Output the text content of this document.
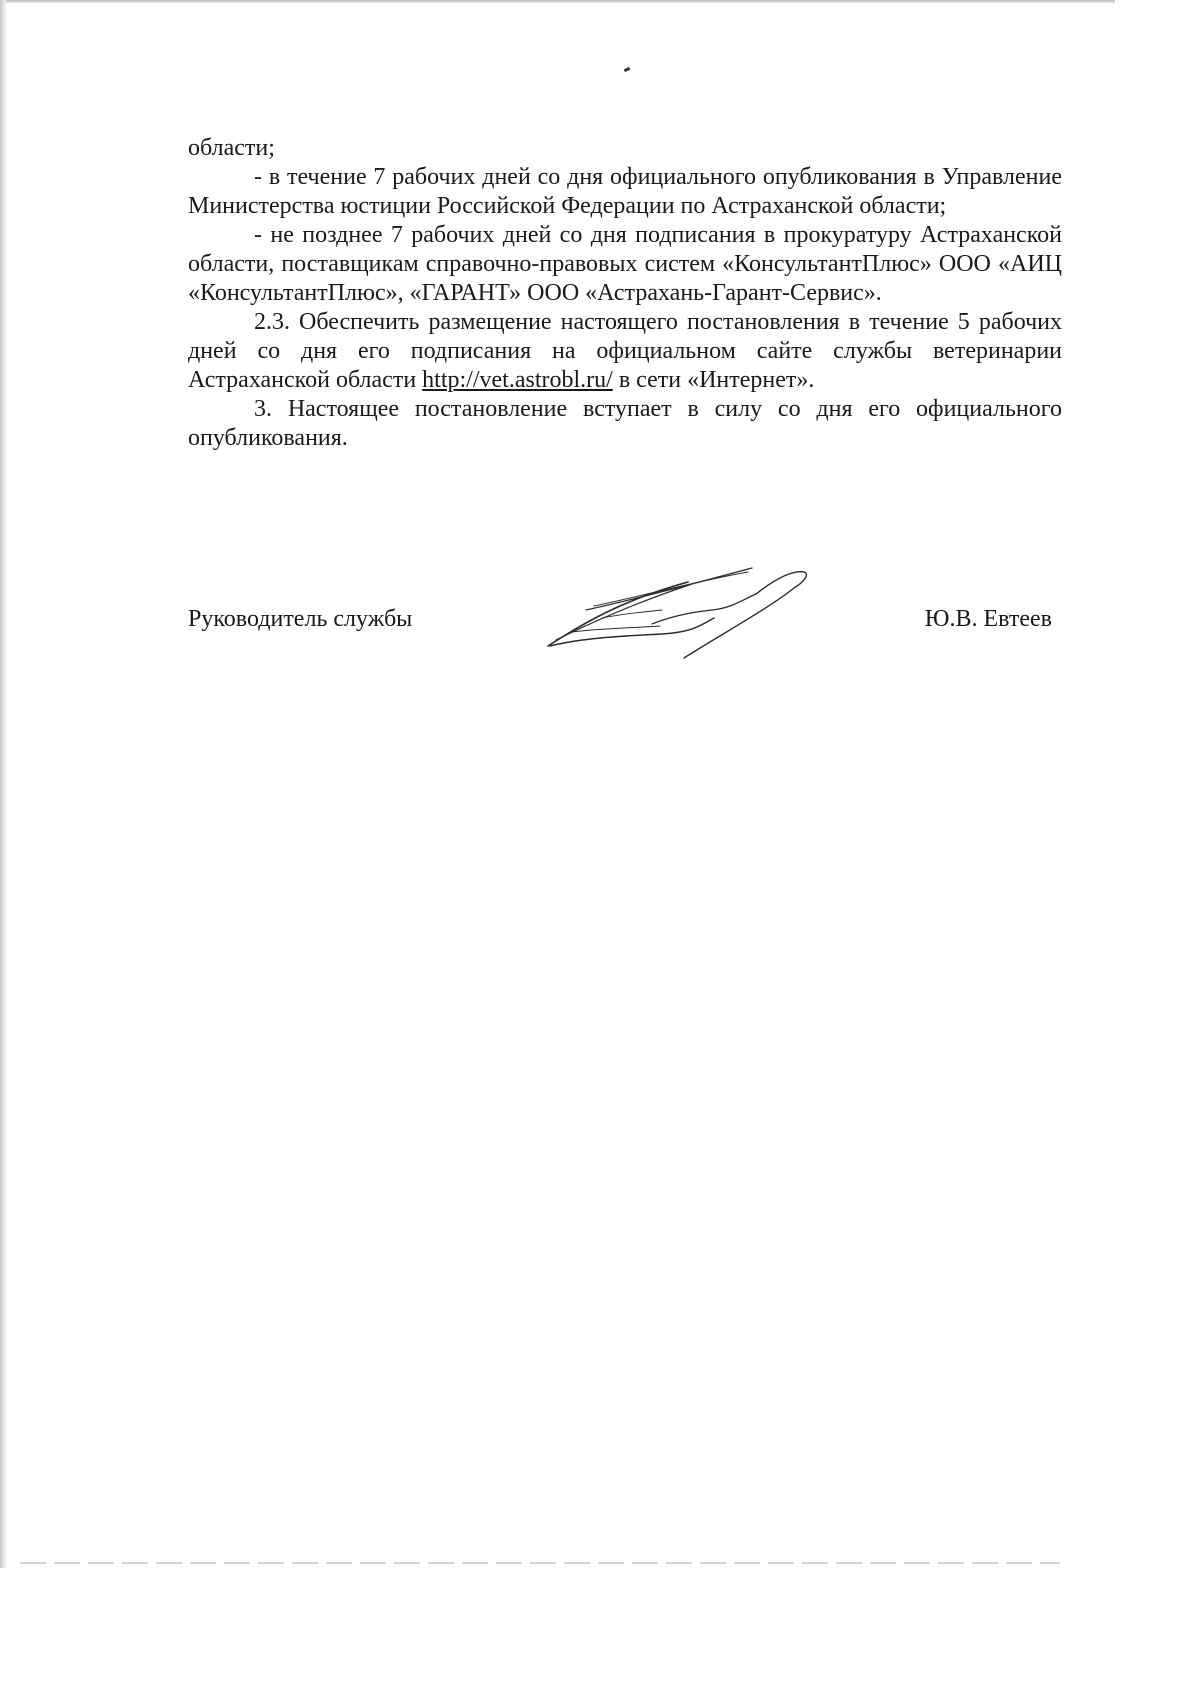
области;

- в течение 7 рабочих дней со дня официального опубликования в Управление Министерства юстиции Российской Федерации по Астраханской области;

- не позднее 7 рабочих дней со дня подписания в прокуратуру Астраханской области, поставщикам справочно-правовых систем «КонсультантПлюс» ООО «АИЦ «КонсультантПлюс», «ГАРАНТ» ООО «Астрахань-Гарант-Сервис».

2.3. Обеспечить размещение настоящего постановления в течение 5 рабочих дней со дня его подписания на официальном сайте службы ветеринарии Астраханской области http://vet.astrobl.ru/ в сети «Интернет».

3. Настоящее постановление вступает в силу со дня его официального опубликования.

Руководитель службы	Ю.В. Евтеев
